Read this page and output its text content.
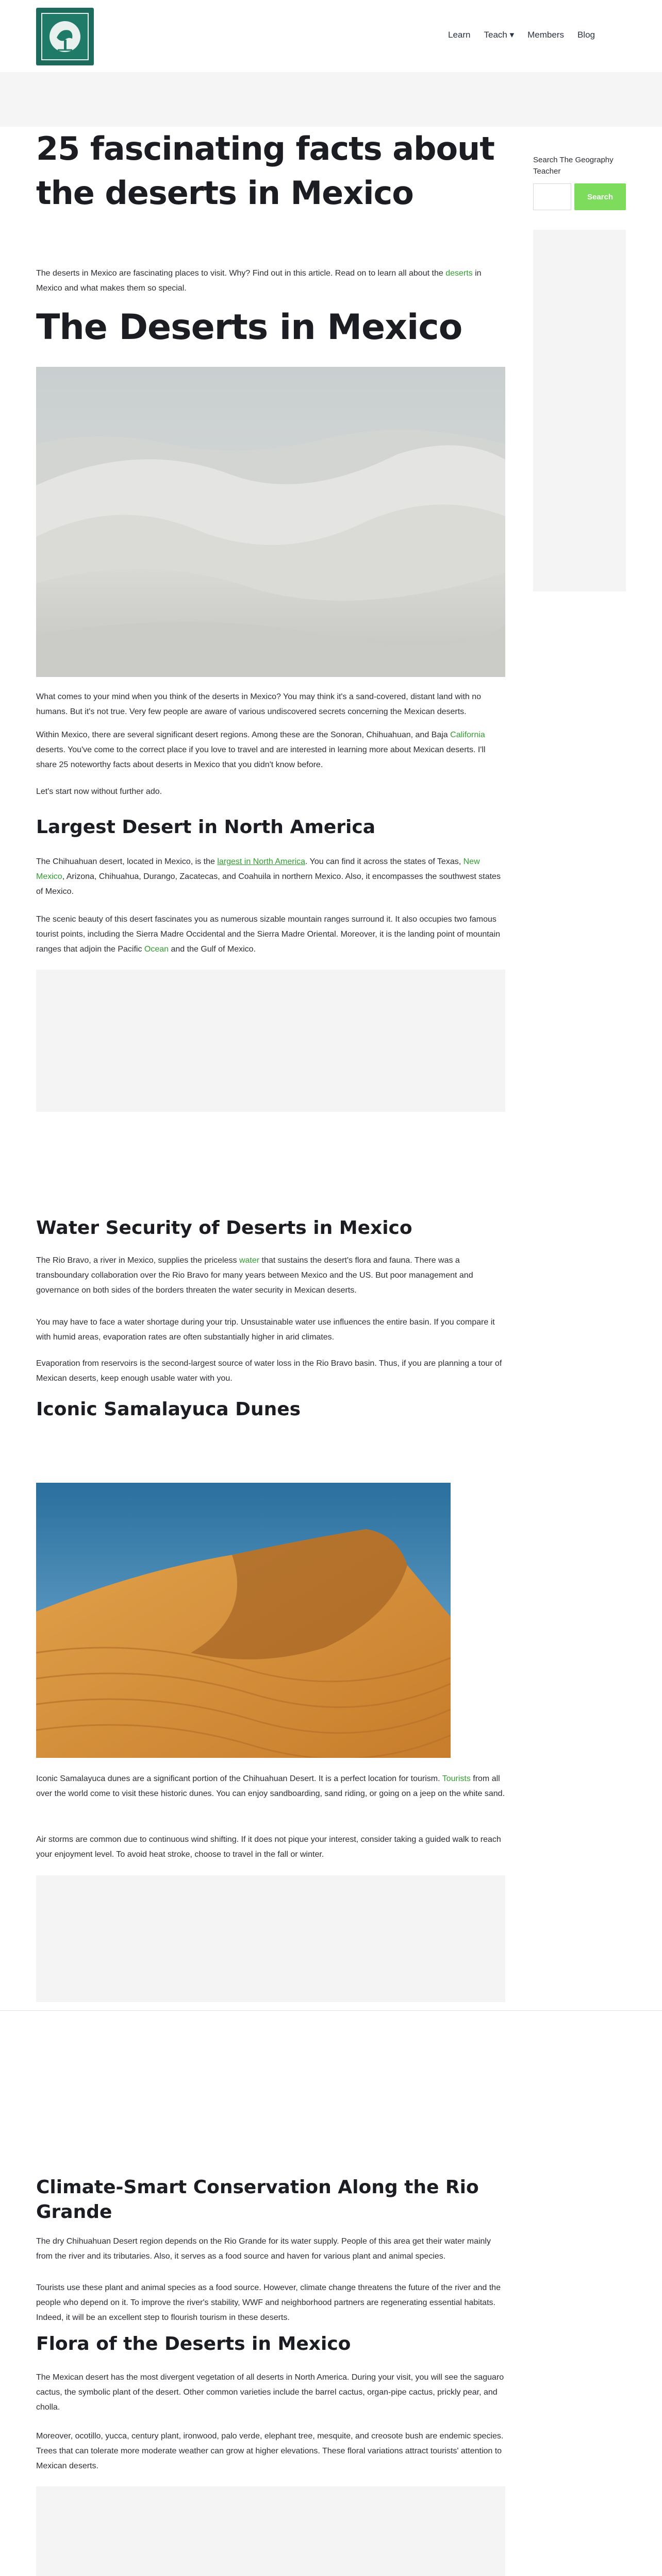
Learn Teach ▾ Members Blog
25 fascinating facts about the deserts in Mexico

The deserts in Mexico are fascinating places to visit. Why? Find out in this article. Read on to learn all about the deserts in Mexico and what makes them so special.

The Deserts in Mexico

What comes to your mind when you think of the deserts in Mexico? You may think it's a sand-covered, distant land with no humans. But it's not true. Very few people are aware of various undiscovered secrets concerning the Mexican deserts.

Within Mexico, there are several significant desert regions. Among these are the Sonoran, Chihuahuan, and Baja California deserts. You've come to the correct place if you love to travel and are interested in learning more about Mexican deserts. I'll share 25 noteworthy facts about deserts in Mexico that you didn't know before.

Let's start now without further ado.

Largest Desert in North America

The Chihuahuan desert, located in Mexico, is the largest in North America. You can find it across the states of Texas, New Mexico, Arizona, Chihuahua, Durango, Zacatecas, and Coahuila in northern Mexico. Also, it encompasses the southwest states of Mexico.

The scenic beauty of this desert fascinates you as numerous sizable mountain ranges surround it. It also occupies two famous tourist points, including the Sierra Madre Occidental and the Sierra Madre Oriental. Moreover, it is the landing point of mountain ranges that adjoin the Pacific Ocean and the Gulf of Mexico.

Water Security of Deserts in Mexico

The Rio Bravo, a river in Mexico, supplies the priceless water that sustains the desert's flora and fauna. There was a transboundary collaboration over the Rio Bravo for many years between Mexico and the US. But poor management and governance on both sides of the borders threaten the water security in Mexican deserts.

You may have to face a water shortage during your trip. Unsustainable water use influences the entire basin. If you compare it with humid areas, evaporation rates are often substantially higher in arid climates.

Evaporation from reservoirs is the second-largest source of water loss in the Rio Bravo basin. Thus, if you are planning a tour of Mexican deserts, keep enough usable water with you.

Iconic Samalayuca Dunes

Iconic Samalayuca dunes are a significant portion of the Chihuahuan Desert. It is a perfect location for tourism. Tourists from all over the world come to visit these historic dunes. You can enjoy sandboarding, sand riding, or going on a jeep on the white sand.

Air storms are common due to continuous wind shifting. If it does not pique your interest, consider taking a guided walk to reach your enjoyment level. To avoid heat stroke, choose to travel in the fall or winter.

Climate-Smart Conservation Along the Rio Grande

The dry Chihuahuan Desert region depends on the Rio Grande for its water supply. People of this area get their water mainly from the river and its tributaries. Also, it serves as a food source and haven for various plant and animal species.

Tourists use these plant and animal species as a food source. However, climate change threatens the future of the river and the people who depend on it. To improve the river's stability, WWF and neighborhood partners are regenerating essential habitats. Indeed, it will be an excellent step to flourish tourism in these deserts.

Flora of the Deserts in Mexico

The Mexican desert has the most divergent vegetation of all deserts in North America. During your visit, you will see the saguaro cactus, the symbolic plant of the desert. Other common varieties include the barrel cactus, organ-pipe cactus, prickly pear, and cholla.

Moreover, ocotillo, yucca, century plant, ironwood, palo verde, elephant tree, mesquite, and creosote bush are endemic species. Trees that can tolerate more moderate weather can grow at higher elevations. These floral variations attract tourists' attention to Mexican deserts.

Search The Geography Teacher
Search
